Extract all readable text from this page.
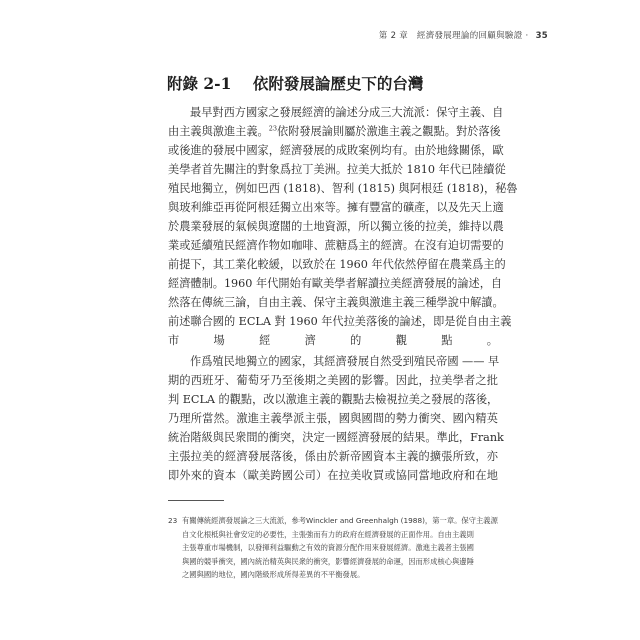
第 2 章　經濟發展理論的回顧與驗證 · 35
附錄 2-1 依附發展論歷史下的台灣
最早對西方國家之發展經濟的論述分成三大流派：保守主義、自
由主義與激進主義。$^{23}$依附發展論則屬於激進主義之觀點。對於落後
或後進的發展中國家，經濟發展的成敗案例均有。由於地緣關係，歐
美學者首先關注的對象爲拉丁美洲。拉美大抵於 1810 年代已陸續從
殖民地獨立，例如巴西 (1818)、智利 (1815) 與阿根廷 (1818)，秘魯
與玻利維亞再從阿根廷獨立出來等。擁有豐富的礦產，以及先天上適
於農業發展的氣候與遼闊的土地資源，所以獨立後的拉美，維持以農
業或延續殖民經濟作物如咖啡、蔗糖爲主的經濟。在沒有迫切需要的
前提下，其工業化較緩，以致於在 1960 年代依然停留在農業爲主的
經濟體制。1960 年代開始有歐美學者解讀拉美經濟發展的論述，自
然落在傳統三論，自由主義、保守主義與激進主義三種學說中解讀。
前述聯合國的 ECLA 對 1960 年代拉美落後的論述，即是從自由主義
市場經濟的觀點。
作爲殖民地獨立的國家，其經濟發展自然受到殖民帝國 —— 早
期的西班牙、葡萄牙乃至後期之美國的影響。因此，拉美學者之批
判 ECLA 的觀點，改以激進主義的觀點去檢視拉美之發展的落後，
乃理所當然。激進主義學派主張，國與國間的勢力衝突、國內精英
統治階級與民衆間的衝突，決定一國經濟發展的結果。準此，Frank
主張拉美的經濟發展落後，係由於新帝國資本主義的擴張所致，亦
即外來的資本（歐美跨國公司）在拉美收買或協同當地政府和在地
23 有關傳統經濟發展論之三大流派，參考Winckler and Greenhalgh (1988)，第一章。保守主義源
自文化根柢與社會安定的必要性，主張強而有力的政府在經濟發展的正面作用。自由主義則
主張尊重市場機制，以發揮利益驅動之有效的資源分配作用來發展經濟。激進主義者主張國
與國的競爭衝突，國內統治精英與民衆的衝突，影響經濟發展的命運，因而形成核心與邊陲
之國與國的地位，國內階級形成所得差異的不平衡發展。
